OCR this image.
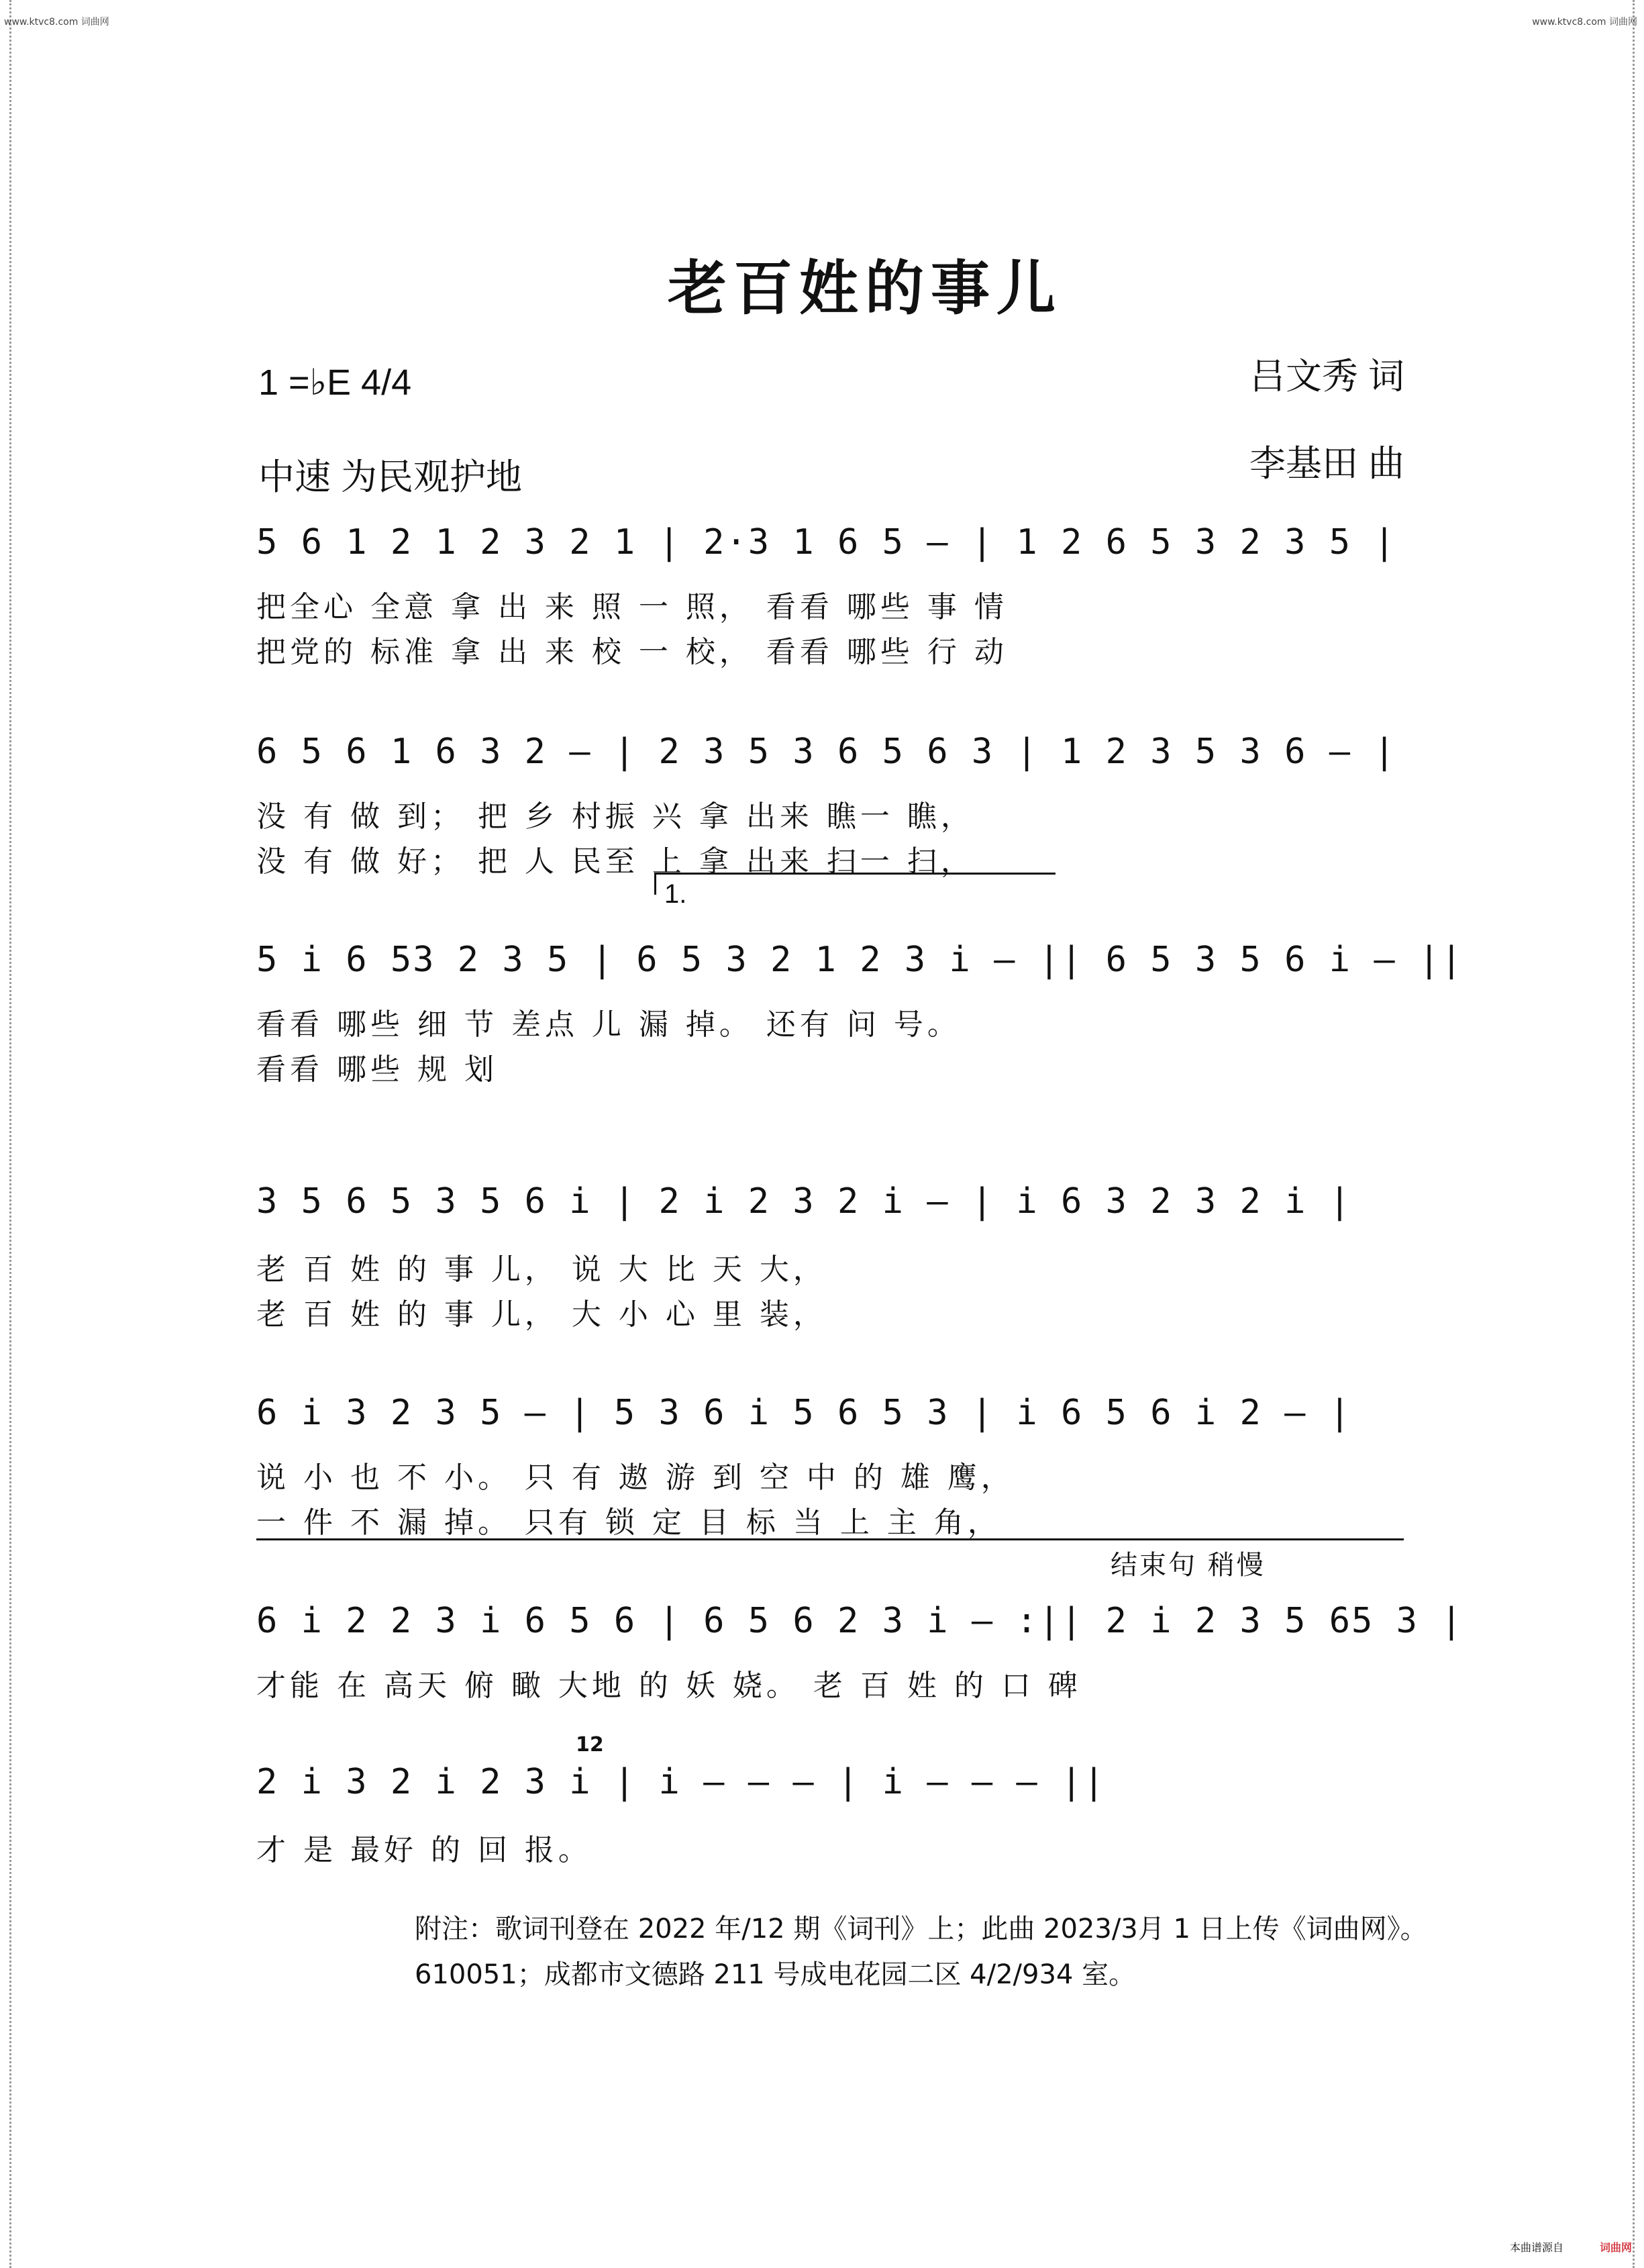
www.ktvc8.com 词曲网	www.ktvc8.com 词曲网
老百姓的事儿
1 =♭E 4/4	吕文秀 词
中速 为民观护地	李基田 曲
5 6 1 2 1 2 3 2 1 | 2·3 1 6 5 — | 1 2 6 5 3 2 3 5 |
把全心 全意 拿 出 来 照 一 照， 看看 哪些 事 情
把党的 标准 拿 出 来 校 一 校， 看看 哪些 行 动
6 5 6 1 6 3 2 — | 2 3 5 3 6 5 6 3 | 1 2 3 5 3 6 — |
没 有 做 到； 把 乡 村振 兴 拿 出来 瞧一 瞧，
没 有 做 好； 把 人 民至 上 拿 出来 扫一 扫，
1.
5 i 6 53 2 3 5 | 6 5 3 2 1 2 3 i — || 6 5 3 5 6 i — ||
看看 哪些 细 节 差点 儿 漏 掉。 还有 问 号。
看看 哪些 规 划
3 5 6 5 3 5 6 i | 2 i 2 3 2 i — | i 6 3 2 3 2 i |
老 百 姓 的 事 儿， 说 大 比 天 大，
老 百 姓 的 事 儿， 大 小 心 里 装，
6 i 3 2 3 5 — | 5 3 6 i 5 6 5 3 | i 6 5 6 i 2 — |
说 小 也 不 小。 只 有 遨 游 到 空 中 的 雄 鹰，
一 件 不 漏 掉。 只有 锁 定 目 标 当 上 主 角，
结束句 稍慢
6 i 2 2 3 i 6 5 6 | 6 5 6 2 3 i — :|| 2 i 2 3 5 65 3 |
才能 在 高天 俯 瞰 大地 的 妖 娆。 老 百 姓 的 口 碑
2 i 3 2 i 2 3 i | i — — — | i — — — ||
12
才 是 最好 的 回 报。
附注：歌词刊登在 2022 年/12 期《词刊》上；此曲 2023/3月 1 日上传《词曲网》。
610051；成都市文德路 211 号成电花园二区 4/2/934 室。
本曲谱源自	词曲网
